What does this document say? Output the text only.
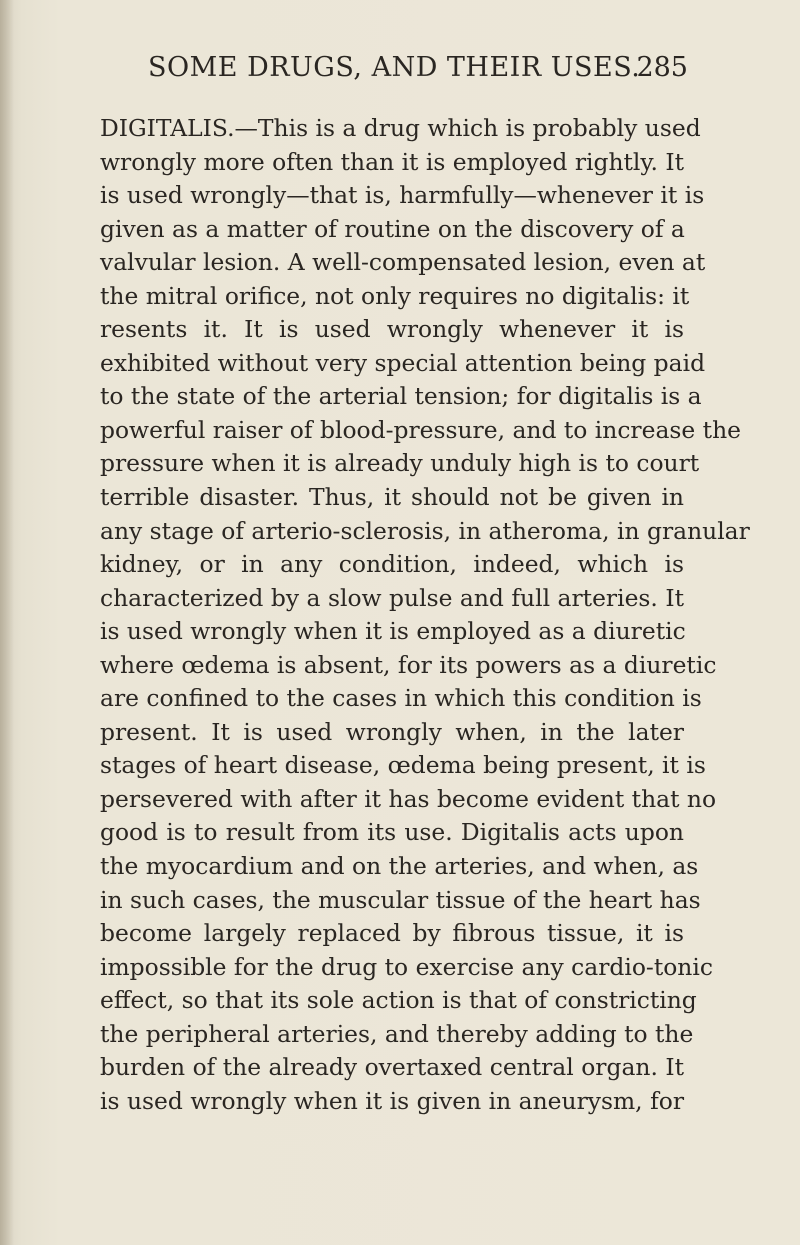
SOME DRUGS, AND THEIR USES.
285
DIGITALIS.—This is a drug which is probably used
wrongly more often than it is employed rightly. It
is used wrongly—that is, harmfully—whenever it is
given as a matter of routine on the discovery of a
valvular lesion. A well-compensated lesion, even at
the mitral orifice, not only requires no digitalis: it
resents it. It is used wrongly whenever it is
exhibited without very special attention being paid
to the state of the arterial tension; for digitalis is a
powerful raiser of blood-pressure, and to increase the
pressure when it is already unduly high is to court
terrible disaster. Thus, it should not be given in
any stage of arterio-sclerosis, in atheroma, in granular
kidney, or in any condition, indeed, which is
characterized by a slow pulse and full arteries. It
is used wrongly when it is employed as a diuretic
where œdema is absent, for its powers as a diuretic
are confined to the cases in which this condition is
present. It is used wrongly when, in the later
stages of heart disease, œdema being present, it is
persevered with after it has become evident that no
good is to result from its use. Digitalis acts upon
the myocardium and on the arteries, and when, as
in such cases, the muscular tissue of the heart has
become largely replaced by fibrous tissue, it is
impossible for the drug to exercise any cardio-tonic
effect, so that its sole action is that of constricting
the peripheral arteries, and thereby adding to the
burden of the already overtaxed central organ. It
is used wrongly when it is given in aneurysm, for
